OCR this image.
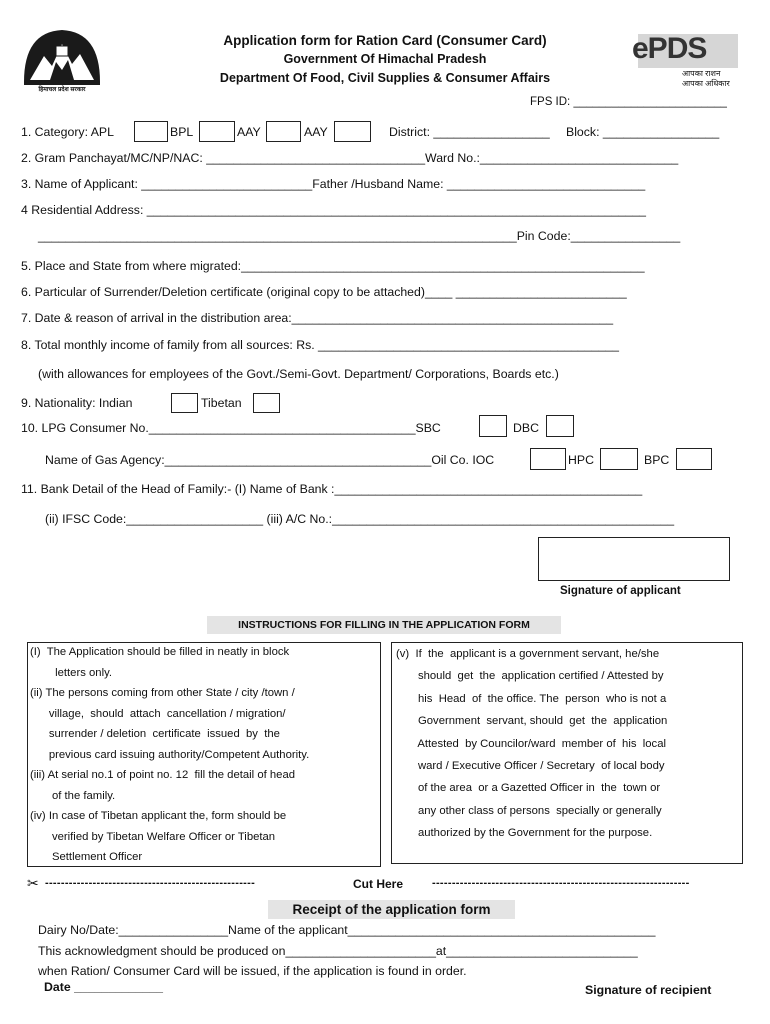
हिमाचल प्रदेश सरकार
ePDS
आपका राशन
आपका अधिकार
Application form for Ration Card (Consumer Card)
Government Of Himachal Pradesh
Department Of Food, Civil Supplies & Consumer Affairs
FPS ID: ________________________
1. Category: APL	BPL	AAY	AAY	District: _________________ Block: _________________
2. Gram Panchayat/MC/NP/NAC: ________________________________Ward No.:_____________________________
3. Name of Applicant: _________________________Father /Husband Name: _____________________________
4 Residential Address: _________________________________________________________________________
______________________________________________________________________Pin Code:________________
5. Place and State from where migrated:___________________________________________________________
6. Particular of Surrender/Deletion certificate (original copy to be attached)____ _________________________
7. Date & reason of arrival in the distribution area:_______________________________________________
8. Total monthly income of family from all sources: Rs. ____________________________________________
(with allowances for employees of the Govt./Semi-Govt. Department/ Corporations, Boards etc.)
9. Nationality: Indian	Tibetan
10. LPG Consumer No._______________________________________SBC	DBC
Name of Gas Agency:_______________________________________Oil Co. IOC	HPC	BPC
11. Bank Detail of the Head of Family:- (I) Name of Bank :_____________________________________________
(ii) IFSC Code:____________________ (iii) A/C No.:__________________________________________________
Signature of applicant
INSTRUCTIONS FOR FILLING IN THE APPLICATION FORM
(I)  The Application should be filled in neatly in block
letters only.
(ii) The persons coming from other State / city /town /
village,  should  attach  cancellation / migration/
surrender / deletion  certificate  issued  by  the
previous card issuing authority/Competent Authority.
(iii) At serial no.1 of point no. 12  fill the detail of head
of the family.
(iv) In case of Tibetan applicant the, form should be
verified by Tibetan Welfare Officer or Tibetan
Settlement Officer
(v)  If  the  applicant is a government servant, he/she
should  get  the  application certified / Attested by
his  Head  of  the office. The  person  who is not a
Government  servant, should  get  the  application
Attested  by Councilor/ward  member of  his  local
ward / Executive Officer / Secretary  of local body
of the area  or a Gazetted Officer in  the  town or
any other class of persons  specially or generally
authorized by the Government for the purpose.
✂ -----------------------------------------------------	Cut Here	-----------------------------------------------------------------
Receipt of the application form
Dairy No/Date:________________Name of the applicant_____________________________________________
This acknowledgment should be produced on______________________at____________________________
when Ration/ Consumer Card will be issued, if the application is found in order.
Date _____________	Signature of recipient
